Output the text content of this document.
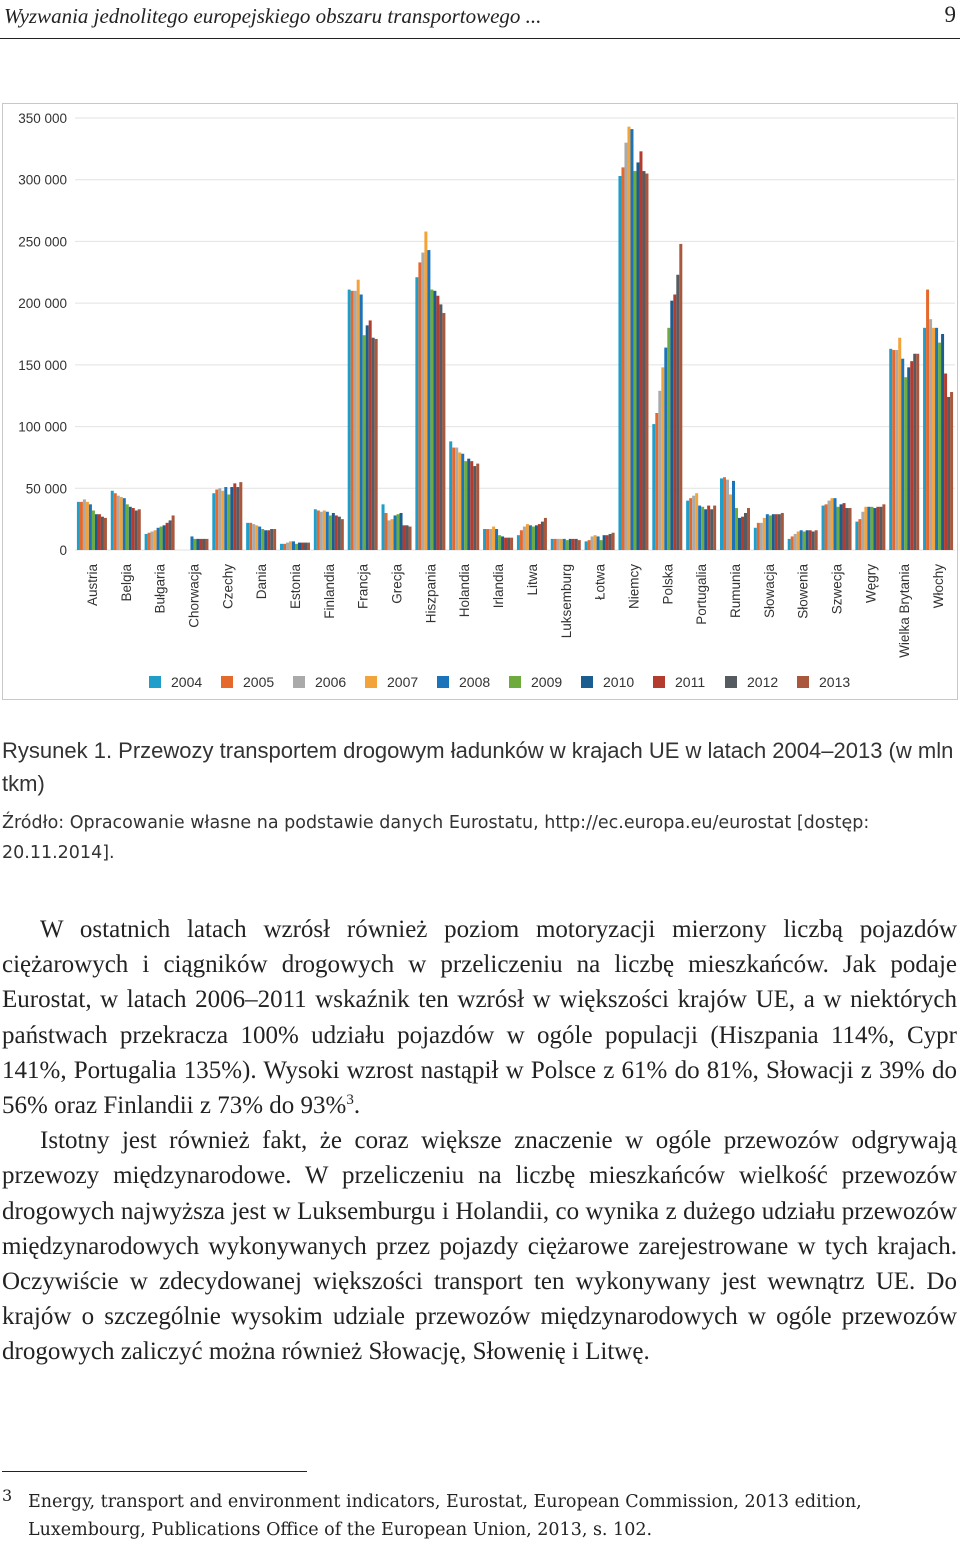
Wyzwania jednolitego europejskiego obszaru transportowego ...	9
0
50 000
100 000
150 000
200 000
250 000
300 000
350 000
Austria Belgia Bułgaria Chorwacja Czechy Dania Estonia Finlandia Francja Grecja Hiszpania Holandia Irlandia Litwa Luksemburg Łotwa Niemcy Polska Portugalia Rumunia Słowacja Słowenia Szwecja Węgry Wielka Brytania Włochy
2004	2005	2006	2007	2008	2009	2010	2011	2012	2013
Rysunek 1. Przewozy transportem drogowym ładunków w krajach UE w latach 2004–2013 (w mln tkm)
Źródło: Opracowanie własne na podstawie danych Eurostatu, http://ec.europa.eu/eurostat [dostęp: 20.11.2014].

W ostatnich latach wzrósł również poziom motoryzacji mierzony liczbą pojazdów ciężarowych i ciągników drogowych w przeliczeniu na liczbę mieszkańców. Jak podaje Eurostat, w latach 2006–2011 wskaźnik ten wzrósł w większości krajów UE, a w niektórych państwach przekracza 100% udziału pojazdów w ogóle populacji (Hiszpania 114%, Cypr 141%, Portugalia 135%). Wysoki wzrost nastąpił w Polsce z 61% do 81%, Słowacji z 39% do 56% oraz Finlandii z 73% do 93%$^3$.

Istotny jest również fakt, że coraz większe znaczenie w ogóle przewozów odgrywają przewozy międzynarodowe. W przeliczeniu na liczbę mieszkańców wielkość przewozów drogowych najwyższa jest w Luksemburgu i Holandii, co wynika z dużego udziału przewozów międzynarodowych wykonywanych przez pojazdy ciężarowe zarejestrowane w tych krajach. Oczywiście w zdecydowanej większości transport ten wykonywany jest wewnątrz UE. Do krajów o szczególnie wysokim udziale przewozów międzynarodowych w ogóle przewozów drogowych zaliczyć można również Słowację, Słowenię i Litwę.

3 Energy, transport and environment indicators, Eurostat, European Commission, 2013 edition, Luxembourg, Publications Office of the European Union, 2013, s. 102.
